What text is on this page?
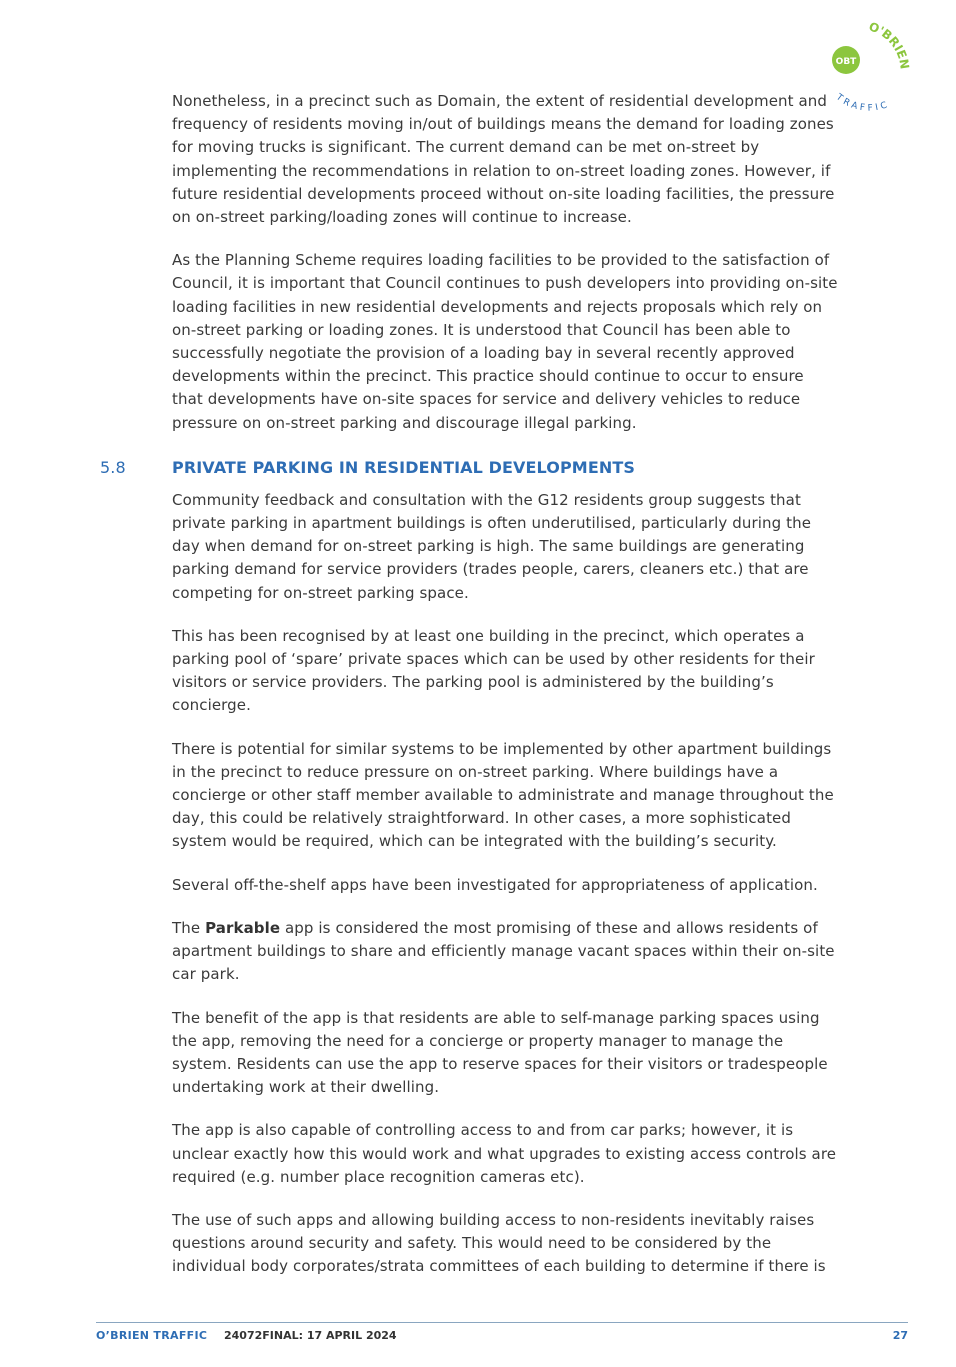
OBT
O'BRIEN
TRAFFIC

Nonetheless, in a precinct such as Domain, the extent of residential development and frequency of residents moving in/out of buildings means the demand for loading zones for moving trucks is significant. The current demand can be met on-street by implementing the recommendations in relation to on-street loading zones. However, if future residential developments proceed without on-site loading facilities, the pressure on on-street parking/loading zones will continue to increase.

As the Planning Scheme requires loading facilities to be provided to the satisfaction of Council, it is important that Council continues to push developers into providing on-site loading facilities in new residential developments and rejects proposals which rely on on-street parking or loading zones. It is understood that Council has been able to successfully negotiate the provision of a loading bay in several recently approved developments within the precinct. This practice should continue to occur to ensure that developments have on-site spaces for service and delivery vehicles to reduce pressure on on-street parking and discourage illegal parking.

5.8	PRIVATE PARKING IN RESIDENTIAL DEVELOPMENTS

Community feedback and consultation with the G12 residents group suggests that private parking in apartment buildings is often underutilised, particularly during the day when demand for on-street parking is high. The same buildings are generating parking demand for service providers (trades people, carers, cleaners etc.) that are competing for on-street parking space.

This has been recognised by at least one building in the precinct, which operates a parking pool of ‘spare’ private spaces which can be used by other residents for their visitors or service providers. The parking pool is administered by the building’s concierge.

There is potential for similar systems to be implemented by other apartment buildings in the precinct to reduce pressure on on-street parking. Where buildings have a concierge or other staff member available to administrate and manage throughout the day, this could be relatively straightforward. In other cases, a more sophisticated system would be required, which can be integrated with the building’s security.

Several off-the-shelf apps have been investigated for appropriateness of application.

The Parkable app is considered the most promising of these and allows residents of apartment buildings to share and efficiently manage vacant spaces within their on-site car park.

The benefit of the app is that residents are able to self-manage parking spaces using the app, removing the need for a concierge or property manager to manage the system. Residents can use the app to reserve spaces for their visitors or tradespeople undertaking work at their dwelling.

The app is also capable of controlling access to and from car parks; however, it is unclear exactly how this would work and what upgrades to existing access controls are required (e.g. number place recognition cameras etc).

The use of such apps and allowing building access to non-residents inevitably raises questions around security and safety. This would need to be considered by the individual body corporates/strata committees of each building to determine if there is

O’BRIEN TRAFFIC 24072FINAL: 17 APRIL 2024	27
